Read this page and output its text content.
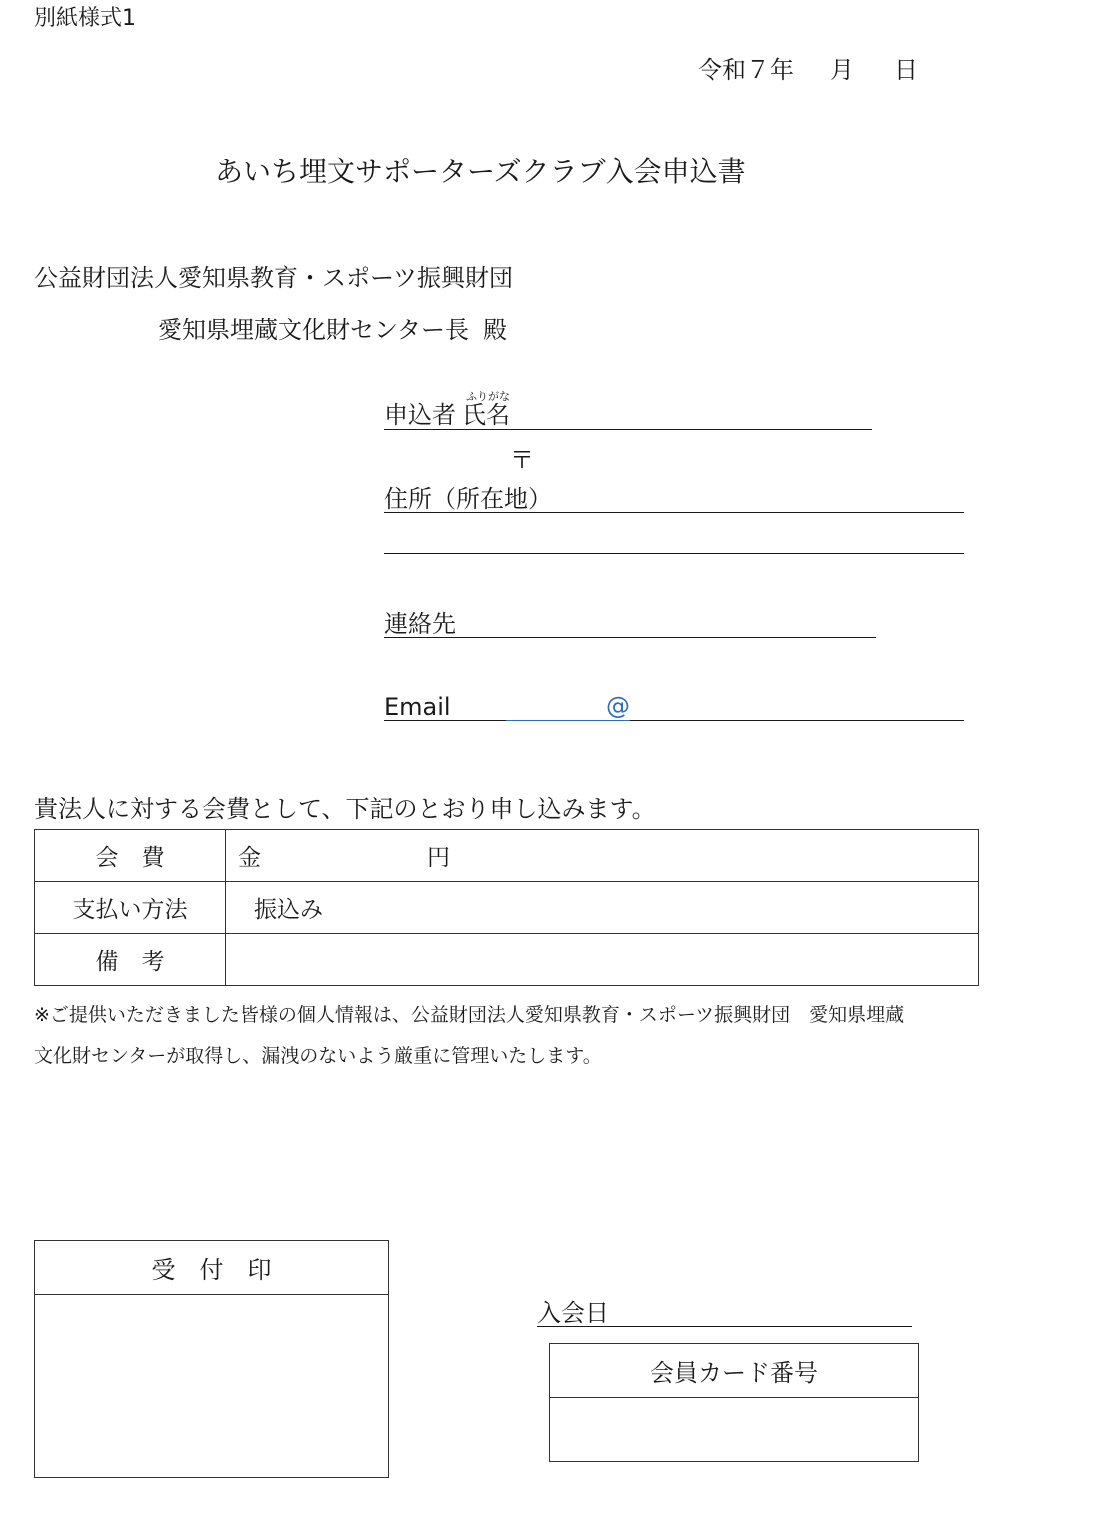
別紙様式1
令和７年 月 日
あいち埋文サポーターズクラブ入会申込書
公益財団法人愛知県教育・スポーツ振興財団
愛知県埋蔵文化財センター長 殿
ふりがな
申込者 氏名
〒
住所（所在地）
連絡先
Email	@
貴法人に対する会費として、下記のとおり申し込みます。
会　費	金 円
支払い方法	振込み
備　考	
※ご提供いただきました皆様の個人情報は、公益財団法人愛知県教育・スポーツ振興財団　愛知県埋蔵
文化財センターが取得し、漏洩のないよう厳重に管理いたします。
受　付　印
入会日
会員カード番号
